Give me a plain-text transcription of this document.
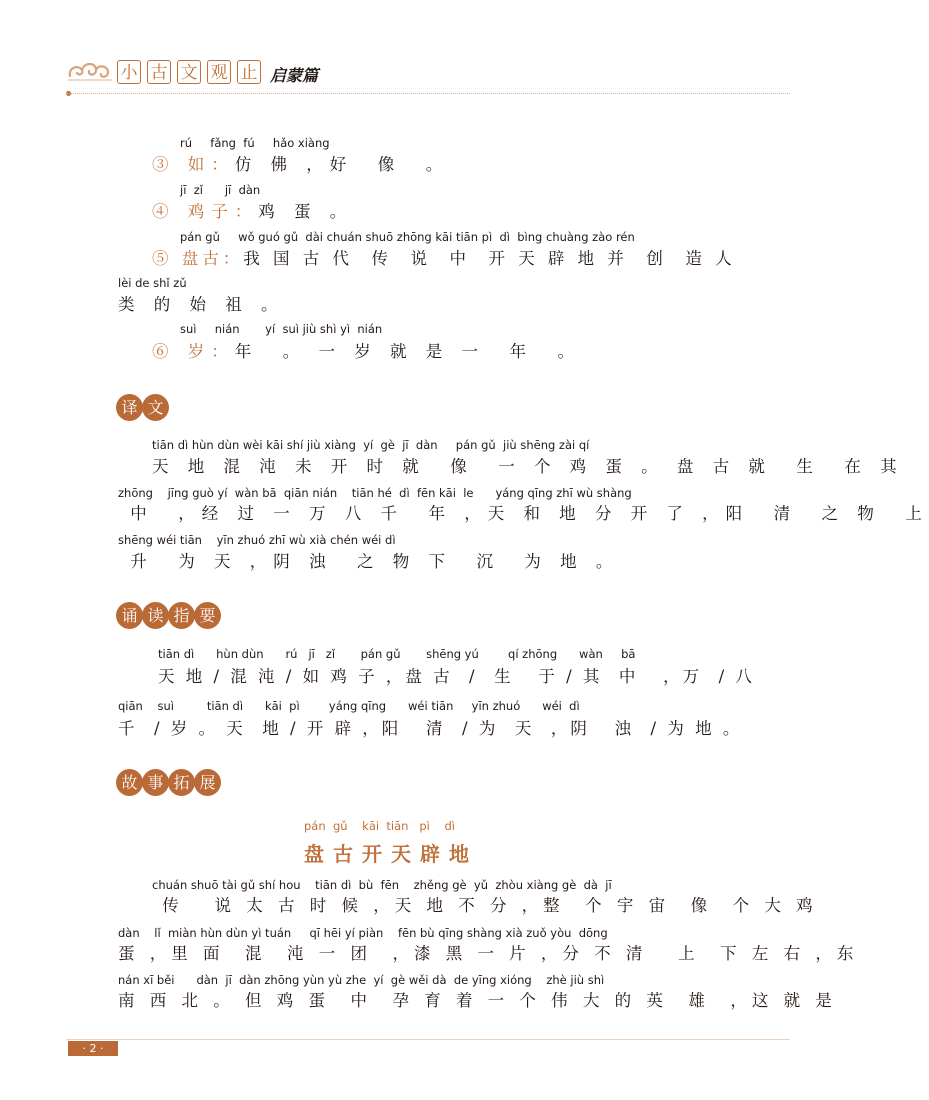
小 古 文 观 止 启蒙篇
rú     fǎng  fú     hǎo xiàng
③ 如：仿 佛 ，好  像  。
jī  zǐ      jī  dàn
④ 鸡子：鸡 蛋 。
pán gǔ     wǒ guó gǔ  dài chuán shuō zhōng kāi tiān pì  dì  bìng chuàng zào rén
⑤ 盘古：我 国 古 代  传  说  中  开 天 辟 地 并  创  造 人
lèi de shǐ zǔ
类 的 始 祖 。
suì     nián       yí  suì jiù shì yì  nián
⑥ 岁：年  。 一 岁 就 是 一  年  。
译 文
tiān dì hùn dùn wèi kāi shí jiù xiàng  yí  gè  jī  dàn     pán gǔ  jiù shēng zài qí
天 地 混 沌 未 开 时 就  像  一 个 鸡 蛋 。 盘 古 就  生  在 其
zhōng    jīng guò yí  wàn bā  qiān nián    tiān hé  dì  fēn kāi  le      yáng qīng zhī wù shàng
中  ，经 过 一 万 八 千  年 ，天 和 地 分 开 了 ，阳  清  之 物  上
shēng wéi tiān    yīn zhuó zhī wù xià chén wéi dì
升  为 天 ，阴 浊  之 物 下  沉  为 地 。
诵 读 指 要
tiān dì      hùn dùn      rú   jī   zǐ       pán gǔ       shēng yú        qí zhōng      wàn     bā
天 地 / 混 沌 / 如 鸡 子 ，盘 古  /  生   于 / 其  中   ，万  / 八
qiān    suì         tiān dì      kāi  pì        yáng qīng      wéi tiān     yīn zhuó      wéi  dì
千  / 岁 。 天  地 / 开 辟 ，阳   清  / 为  天  ，阴   浊  / 为 地 。
故 事 拓 展
pán  gǔ    kāi  tiān   pì    dì
盘古开天辟地
chuán shuō tài gǔ shí hou    tiān dì  bù  fēn    zhěng gè  yǔ  zhòu xiàng gè  dà  jī
传   说 太 古 时 候 ，天 地 不 分 ，整  个 宇 宙  像  个 大 鸡
dàn    lǐ  miàn hùn dùn yì tuán     qī hēi yí piàn    fēn bù qīng shàng xià zuǒ yòu  dōng
蛋 ，里 面  混  沌 一 团  ，漆 黑 一 片 ，分 不 清   上  下 左 右 ，东
nán xī běi      dàn  jī  dàn zhōng yùn yù zhe  yí  gè wěi dà  de yīng xióng    zhè jiù shì
南 西 北 。 但 鸡 蛋  中  孕 育 着 一 个 伟 大 的 英  雄  ，这 就 是
· 2 ·
